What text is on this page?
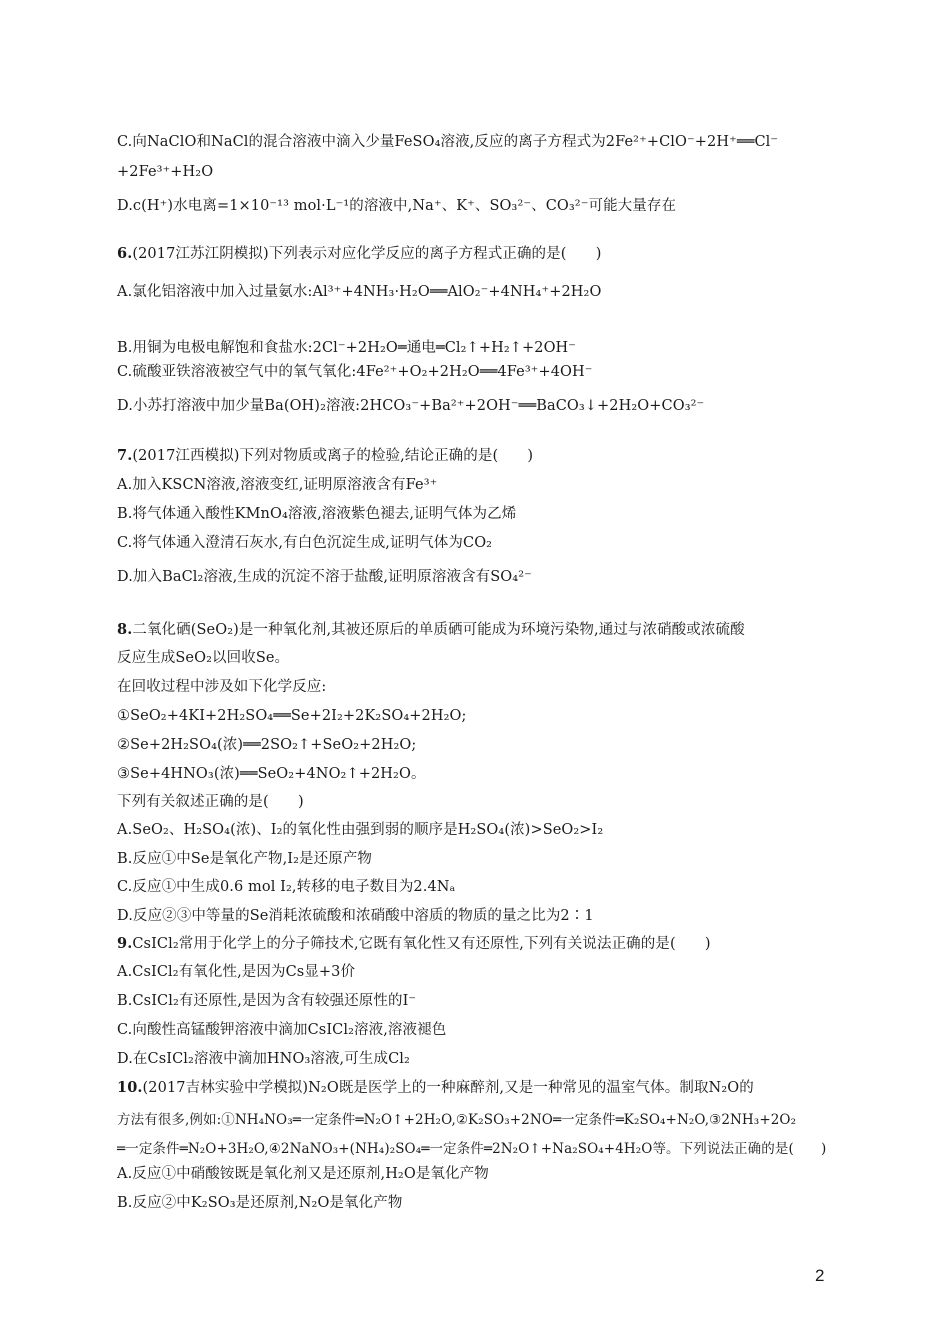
C.向NaClO和NaCl的混合溶液中滴入少量FeSO₄溶液,反应的离子方程式为2Fe²⁺+ClO⁻+2H⁺══Cl⁻
+2Fe³⁺+H₂O
D.c(H⁺)水电离=1×10⁻¹³ mol·L⁻¹的溶液中,Na⁺、K⁺、SO₃²⁻、CO₃²⁻可能大量存在
6.(2017江苏江阴模拟)下列表示对应化学反应的离子方程式正确的是(　　)
A.氯化铝溶液中加入过量氨水:Al³⁺+4NH₃·H₂O══AlO₂⁻+4NH₄⁺+2H₂O
B.用铜为电极电解饱和食盐水:2Cl⁻+2H₂O═通电═Cl₂↑+H₂↑+2OH⁻
C.硫酸亚铁溶液被空气中的氧气氧化:4Fe²⁺+O₂+2H₂O══4Fe³⁺+4OH⁻
D.小苏打溶液中加少量Ba(OH)₂溶液:2HCO₃⁻+Ba²⁺+2OH⁻══BaCO₃↓+2H₂O+CO₃²⁻
7.(2017江西模拟)下列对物质或离子的检验,结论正确的是(　　)
A.加入KSCN溶液,溶液变红,证明原溶液含有Fe³⁺
B.将气体通入酸性KMnO₄溶液,溶液紫色褪去,证明气体为乙烯
C.将气体通入澄清石灰水,有白色沉淀生成,证明气体为CO₂
D.加入BaCl₂溶液,生成的沉淀不溶于盐酸,证明原溶液含有SO₄²⁻
8.二氧化硒(SeO₂)是一种氧化剂,其被还原后的单质硒可能成为环境污染物,通过与浓硝酸或浓硫酸
反应生成SeO₂以回收Se。
在回收过程中涉及如下化学反应:
①SeO₂+4KI+2H₂SO₄══Se+2I₂+2K₂SO₄+2H₂O;
②Se+2H₂SO₄(浓)══2SO₂↑+SeO₂+2H₂O;
③Se+4HNO₃(浓)══SeO₂+4NO₂↑+2H₂O。
下列有关叙述正确的是(　　)
A.SeO₂、H₂SO₄(浓)、I₂的氧化性由强到弱的顺序是H₂SO₄(浓)>SeO₂>I₂
B.反应①中Se是氧化产物,I₂是还原产物
C.反应①中生成0.6 mol I₂,转移的电子数目为2.4Nₐ
D.反应②③中等量的Se消耗浓硫酸和浓硝酸中溶质的物质的量之比为2∶1
9.CsICl₂常用于化学上的分子筛技术,它既有氧化性又有还原性,下列有关说法正确的是(　　)
A.CsICl₂有氧化性,是因为Cs显+3价
B.CsICl₂有还原性,是因为含有较强还原性的I⁻
C.向酸性高锰酸钾溶液中滴加CsICl₂溶液,溶液褪色
D.在CsICl₂溶液中滴加HNO₃溶液,可生成Cl₂
10.(2017吉林实验中学模拟)N₂O既是医学上的一种麻醉剂,又是一种常见的温室气体。制取N₂O的
方法有很多,例如:①NH₄NO₃═一定条件═N₂O↑+2H₂O,②K₂SO₃+2NO═一定条件═K₂SO₄+N₂O,③2NH₃+2O₂
═一定条件═N₂O+3H₂O,④2NaNO₃+(NH₄)₂SO₄═一定条件═2N₂O↑+Na₂SO₄+4H₂O等。下列说法正确的是(　　)
A.反应①中硝酸铵既是氧化剂又是还原剂,H₂O是氧化产物
B.反应②中K₂SO₃是还原剂,N₂O是氧化产物
2
